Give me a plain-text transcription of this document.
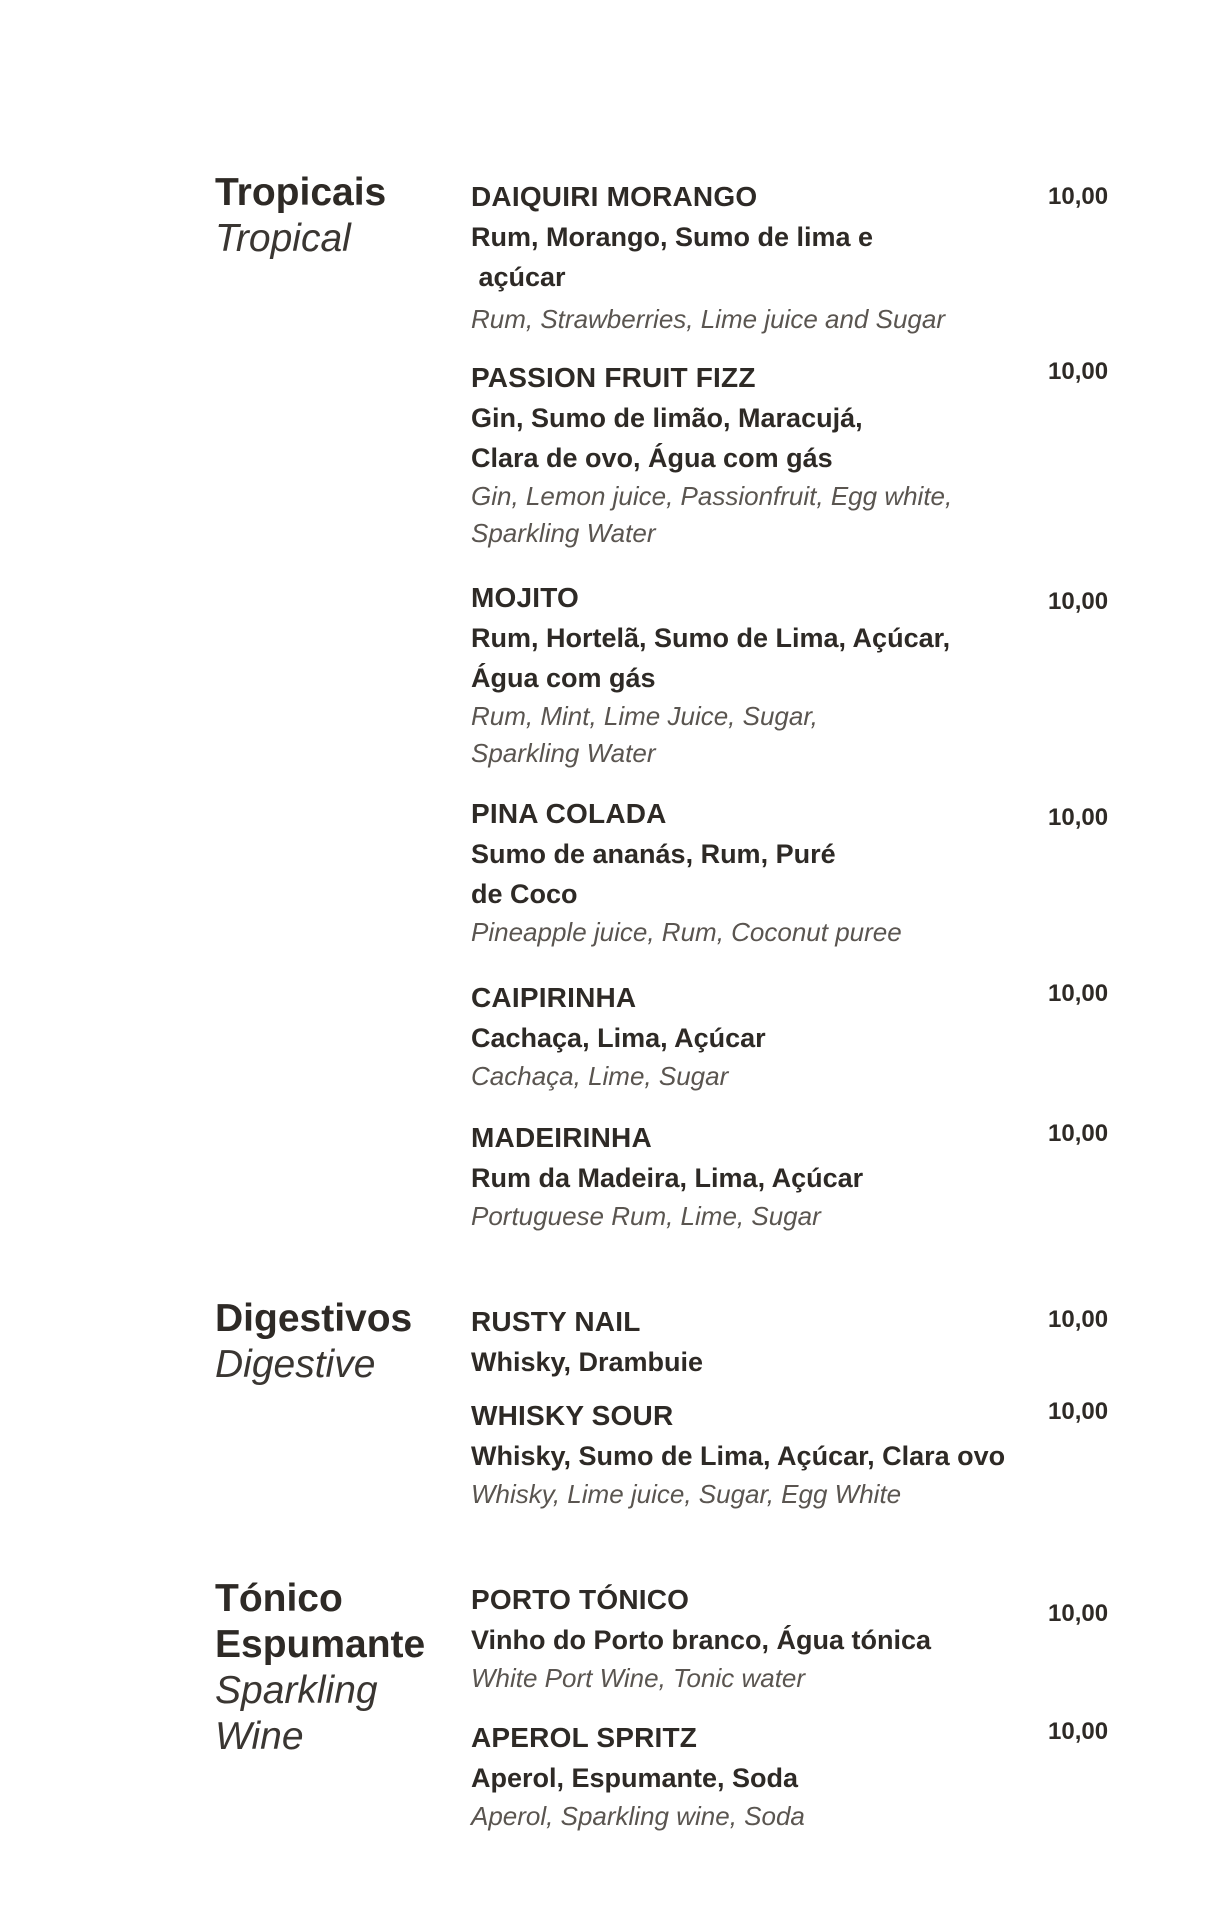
Tropicais
Tropical
DAIQUIRI MORANGO
Rum, Morango, Sumo de lima e
açúcar
Rum, Strawberries, Lime juice and Sugar
10,00
PASSION FRUIT FIZZ
Gin, Sumo de limão, Maracujá,
Clara de ovo, Água com gás
Gin, Lemon juice, Passionfruit, Egg white,
Sparkling Water
10,00
MOJITO
Rum, Hortelã, Sumo de Lima, Açúcar,
Água com gás
Rum, Mint, Lime Juice, Sugar,
Sparkling Water
10,00
PINA COLADA
Sumo de ananás, Rum, Puré
de Coco
Pineapple juice, Rum, Coconut puree
10,00
CAIPIRINHA
Cachaça, Lima, Açúcar
Cachaça, Lime, Sugar
10,00
MADEIRINHA
Rum da Madeira, Lima, Açúcar
Portuguese Rum, Lime, Sugar
10,00
Digestivos
Digestive
RUSTY NAIL
Whisky, Drambuie
10,00
WHISKY SOUR
Whisky, Sumo de Lima, Açúcar, Clara ovo
Whisky, Lime juice, Sugar, Egg White
10,00
Tónico
Espumante
Sparkling
Wine
PORTO TÓNICO
Vinho do Porto branco, Água tónica
White Port Wine, Tonic water
10,00
APEROL SPRITZ
Aperol, Espumante, Soda
Aperol, Sparkling wine, Soda
10,00
